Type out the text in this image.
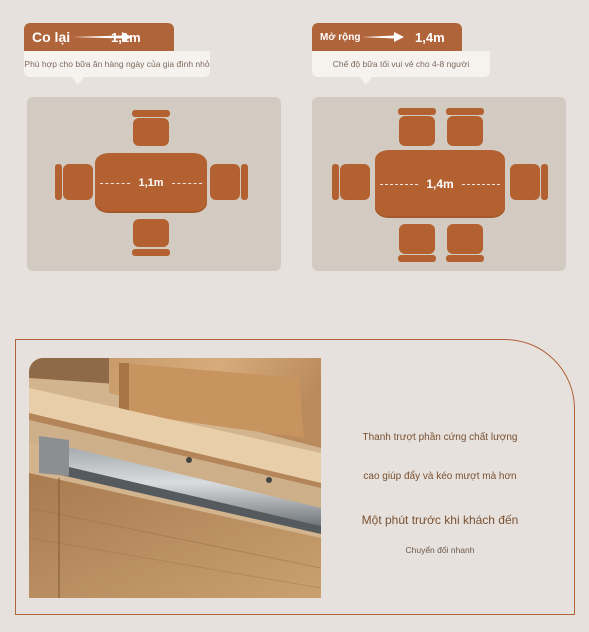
Co lại	1,1m
Phù hợp cho bữa ăn hàng ngày của gia đình nhỏ
1,1m
Mở rộng	1,4m
Chế độ bữa tối vui vẻ cho 4-8 người
1,4m
Thanh trượt phần cứng chất lượng
cao giúp đẩy và kéo mượt mà hơn
Một phút trước khi khách đến
Chuyển đổi nhanh
